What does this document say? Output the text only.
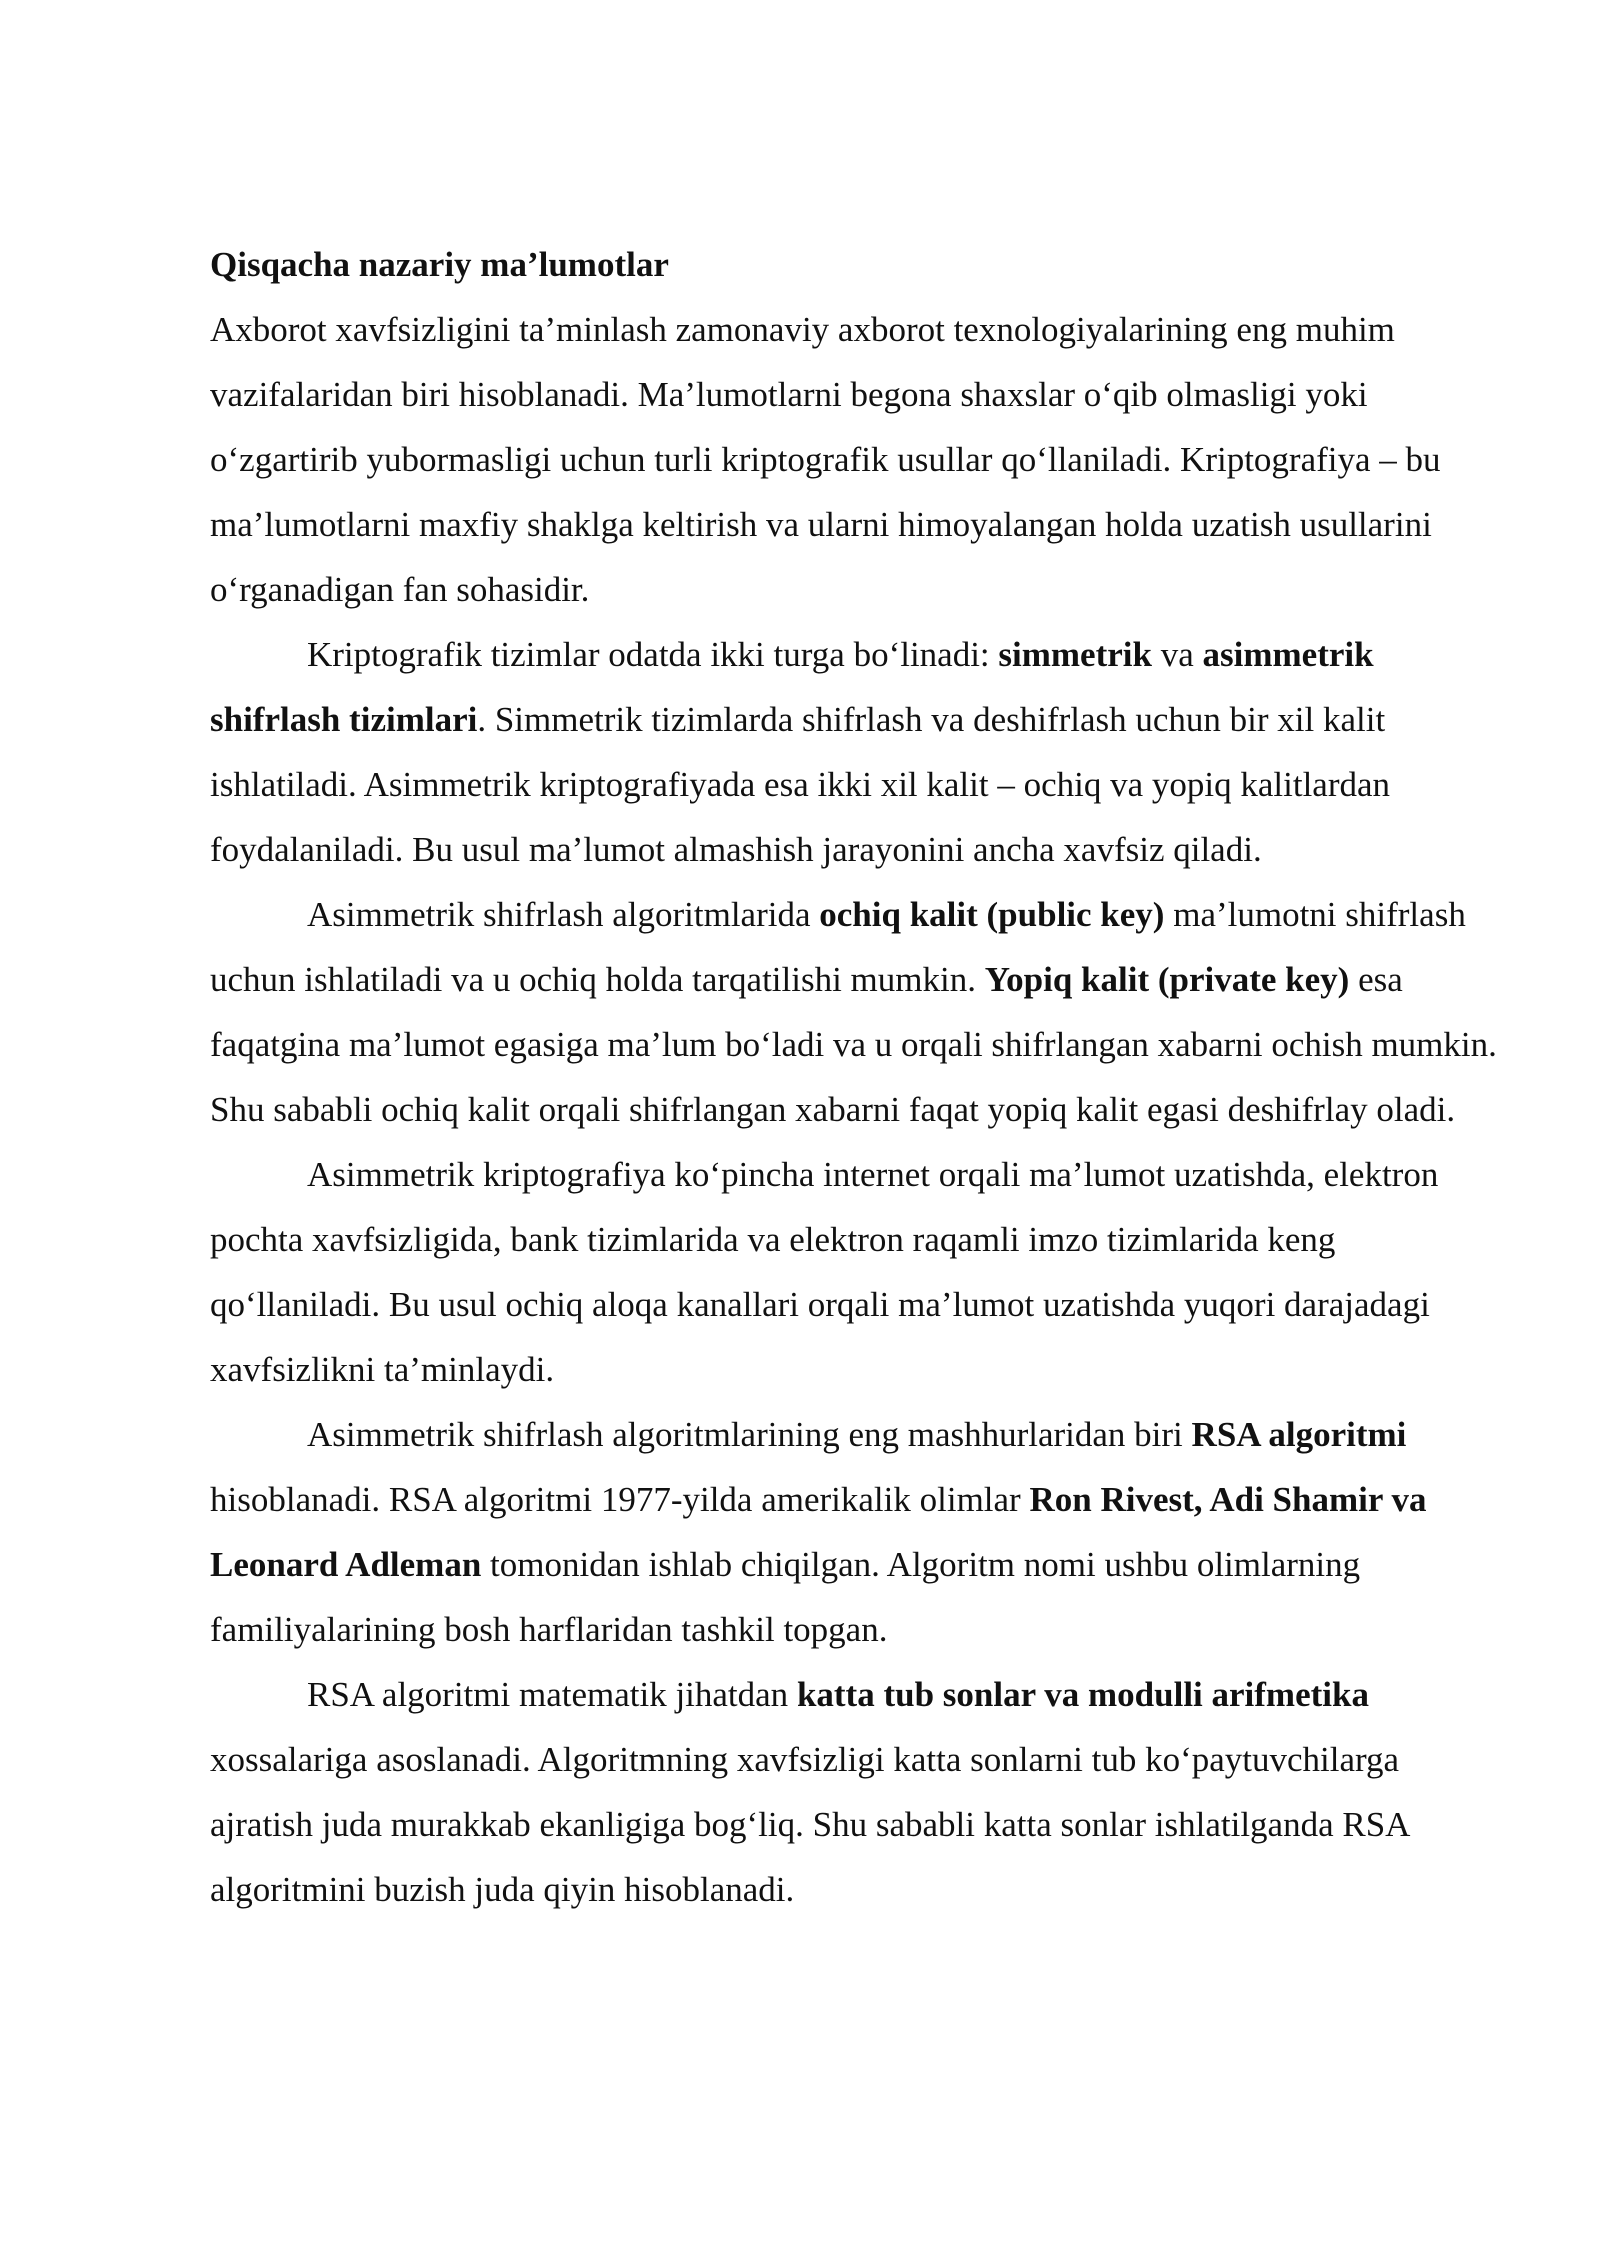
Qisqacha nazariy ma’lumotlar

Axborot xavfsizligini ta’minlash zamonaviy axborot texnologiyalarining eng muhim vazifalaridan biri hisoblanadi. Ma’lumotlarni begona shaxslar o‘qib olmasligi yoki o‘zgartirib yubormasligi uchun turli kriptografik usullar qo‘llaniladi. Kriptografiya – bu ma’lumotlarni maxfiy shaklga keltirish va ularni himoyalangan holda uzatish usullarini o‘rganadigan fan sohasidir.

Kriptografik tizimlar odatda ikki turga bo‘linadi: simmetrik va asimmetrik shifrlash tizimlari. Simmetrik tizimlarda shifrlash va deshifrlash uchun bir xil kalit ishlatiladi. Asimmetrik kriptografiyada esa ikki xil kalit – ochiq va yopiq kalitlardan foydalaniladi. Bu usul ma’lumot almashish jarayonini ancha xavfsiz qiladi.

Asimmetrik shifrlash algoritmlarida ochiq kalit (public key) ma’lumotni shifrlash uchun ishlatiladi va u ochiq holda tarqatilishi mumkin. Yopiq kalit (private key) esa faqatgina ma’lumot egasiga ma’lum bo‘ladi va u orqali shifrlangan xabarni ochish mumkin. Shu sababli ochiq kalit orqali shifrlangan xabarni faqat yopiq kalit egasi deshifrlay oladi.

Asimmetrik kriptografiya ko‘pincha internet orqali ma’lumot uzatishda, elektron pochta xavfsizligida, bank tizimlarida va elektron raqamli imzo tizimlarida keng qo‘llaniladi. Bu usul ochiq aloqa kanallari orqali ma’lumot uzatishda yuqori darajadagi xavfsizlikni ta’minlaydi.

Asimmetrik shifrlash algoritmlarining eng mashhurlaridan biri RSA algoritmi hisoblanadi. RSA algoritmi 1977-yilda amerikalik olimlar Ron Rivest, Adi Shamir va Leonard Adleman tomonidan ishlab chiqilgan. Algoritm nomi ushbu olimlarning familiyalarining bosh harflaridan tashkil topgan.

RSA algoritmi matematik jihatdan katta tub sonlar va modulli arifmetika xossalariga asoslanadi. Algoritmning xavfsizligi katta sonlarni tub ko‘paytuvchilarga ajratish juda murakkab ekanligiga bog‘liq. Shu sababli katta sonlar ishlatilganda RSA algoritmini buzish juda qiyin hisoblanadi.
